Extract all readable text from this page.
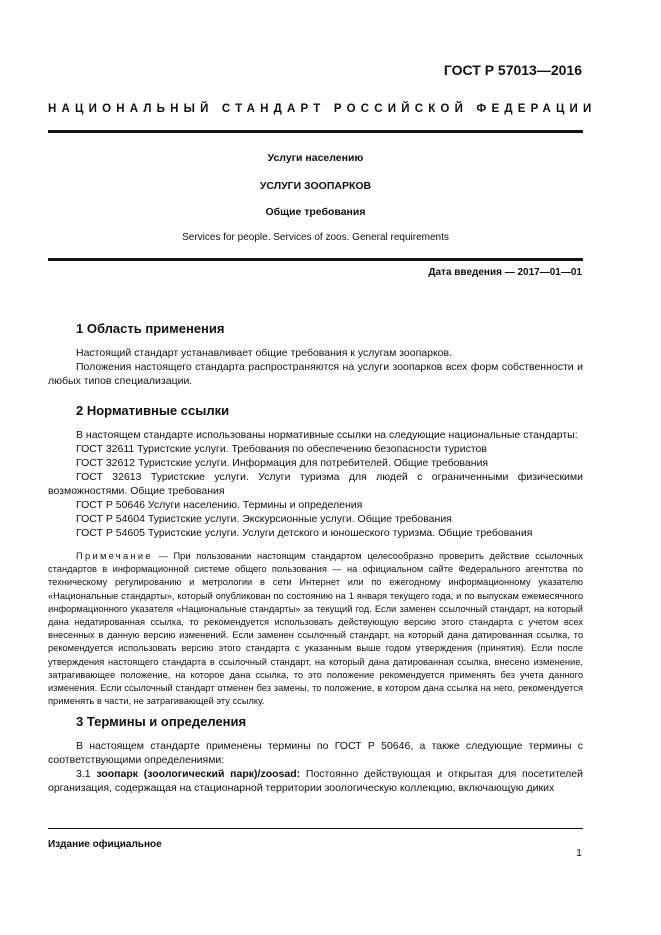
ГОСТ Р 57013—2016
НАЦИОНАЛЬНЫЙ СТАНДАРТ РОССИЙСКОЙ ФЕДЕРАЦИИ
Услуги населению
УСЛУГИ ЗООПАРКОВ
Общие требования
Services for people. Services of zoos. General requirements
Дата введения — 2017—01—01
1 Область применения

Настоящий стандарт устанавливает общие требования к услугам зоопарков.

Положения настоящего стандарта распространяются на услуги зоопарков всех форм собственности и любых типов специализации.

2 Нормативные ссылки

В настоящем стандарте использованы нормативные ссылки на следующие национальные стандарты:

ГОСТ 32611 Туристские услуги. Требования по обеспечению безопасности туристов

ГОСТ 32612 Туристские услуги. Информация для потребителей. Общие требования

ГОСТ 32613 Туристские услуги. Услуги туризма для людей с ограниченными физическими возможностями. Общие требования

ГОСТ Р 50646 Услуги населению. Термины и определения

ГОСТ Р 54604 Туристские услуги. Экскурсионные услуги. Общие требования

ГОСТ Р 54605 Туристские услуги. Услуги детского и юношеского туризма. Общие требования

Примечание — При пользовании настоящим стандартом целесообразно проверить действие ссылочных стандартов в информационной системе общего пользования — на официальном сайте Федерального агентства по техническому регулированию и метрологии в сети Интернет или по ежегодному информационному указателю «Национальные стандарты», который опубликован по состоянию на 1 января текущего года, и по выпускам ежемесячного информационного указателя «Национальные стандарты» за текущий год. Если заменен ссылочный стандарт, на который дана недатированная ссылка, то рекомендуется использовать действующую версию этого стандарта с учетом всех внесенных в данную версию изменений. Если заменен ссылочный стандарт, на который дана датированная ссылка, то рекомендуется использовать версию этого стандарта с указанным выше годом утверждения (принятия). Если после утверждения настоящего стандарта в ссылочный стандарт, на который дана датированная ссылка, внесено изменение, затрагивающее положение, на которое дана ссылка, то это положение рекомендуется применять без учета данного изменения. Если ссылочный стандарт отменен без замены, то положение, в котором дана ссылка на него, рекомендуется применять в части, не затрагивающей эту ссылку.

3 Термины и определения

В настоящем стандарте применены термины по ГОСТ Р 50646, а также следующие термины с соответствующими определениями:

3.1 зоопарк (зоологический парк)/zoosad: Постоянно действующая и открытая для посетителей организация, содержащая на стационарной территории зоологическую коллекцию, включающую диких

Издание официальное
1
